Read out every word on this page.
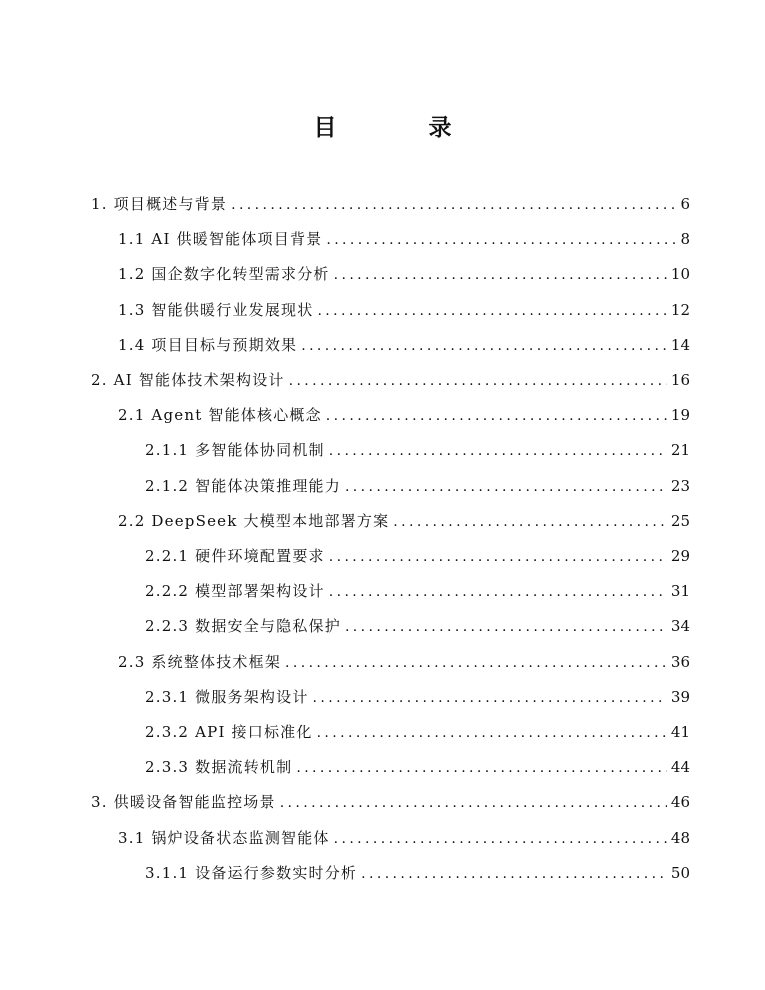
目 录
1. 项目概述与背景 .....	6
1.1 AI 供暖智能体项目背景 .....	8
1.2 国企数字化转型需求分析 .....	10
1.3 智能供暖行业发展现状 .....	12
1.4 项目目标与预期效果 .....	14
2. AI 智能体技术架构设计 .....	16
2.1 Agent 智能体核心概念 .....	19
2.1.1 多智能体协同机制 .....	21
2.1.2 智能体决策推理能力 .....	23
2.2 DeepSeek 大模型本地部署方案 .....	25
2.2.1 硬件环境配置要求 .....	29
2.2.2 模型部署架构设计 .....	31
2.2.3 数据安全与隐私保护 .....	34
2.3 系统整体技术框架 .....	36
2.3.1 微服务架构设计 .....	39
2.3.2 API 接口标准化 .....	41
2.3.3 数据流转机制 .....	44
3. 供暖设备智能监控场景 .....	46
3.1 锅炉设备状态监测智能体 .....	48
3.1.1 设备运行参数实时分析 .....	50
